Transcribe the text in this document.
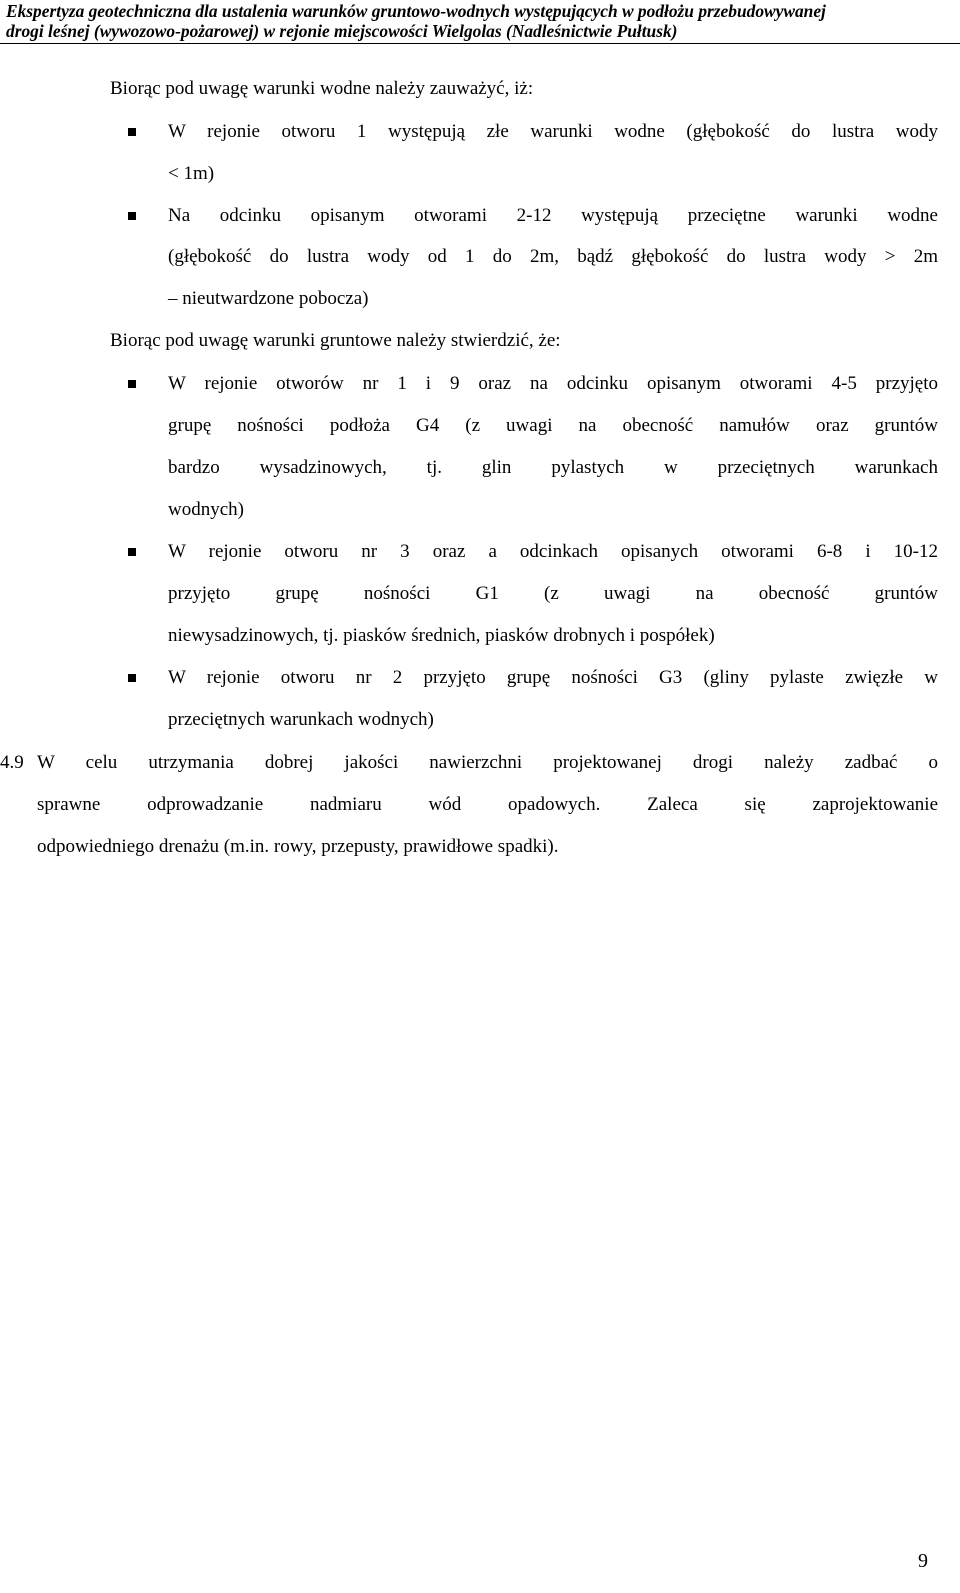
Ekspertyza geotechniczna dla ustalenia warunków gruntowo-wodnych występujących w podłożu przebudowywanej
drogi leśnej (wywozowo-pożarowej) w rejonie miejscowości Wielgolas (Nadleśnictwie Pułtusk)
Biorąc pod uwagę warunki wodne należy zauważyć, iż:
W rejonie otworu 1 występują złe warunki wodne (głębokość do lustra wody
< 1m)
Na odcinku opisanym otworami 2-12 występują przeciętne warunki wodne
(głębokość do lustra wody od 1 do 2m, bądź głębokość do lustra wody > 2m
– nieutwardzone pobocza)
Biorąc pod uwagę warunki gruntowe należy stwierdzić, że:
W rejonie otworów nr 1 i 9 oraz na odcinku opisanym otworami 4-5 przyjęto
grupę nośności podłoża G4 (z uwagi na obecność namułów oraz gruntów
bardzo wysadzinowych, tj. glin pylastych w przeciętnych warunkach
wodnych)
W rejonie otworu nr 3 oraz a odcinkach opisanych otworami 6-8 i 10-12
przyjęto grupę nośności G1 (z uwagi na obecność gruntów
niewysadzinowych, tj. piasków średnich, piasków drobnych i pospółek)
W rejonie otworu nr 2 przyjęto grupę nośności G3 (gliny pylaste zwięzłe w
przeciętnych warunkach wodnych)
4.9 W celu utrzymania dobrej jakości nawierzchni projektowanej drogi należy zadbać o
sprawne odprowadzanie nadmiaru wód opadowych. Zaleca się zaprojektowanie
odpowiedniego drenażu (m.in. rowy, przepusty, prawidłowe spadki).
9
